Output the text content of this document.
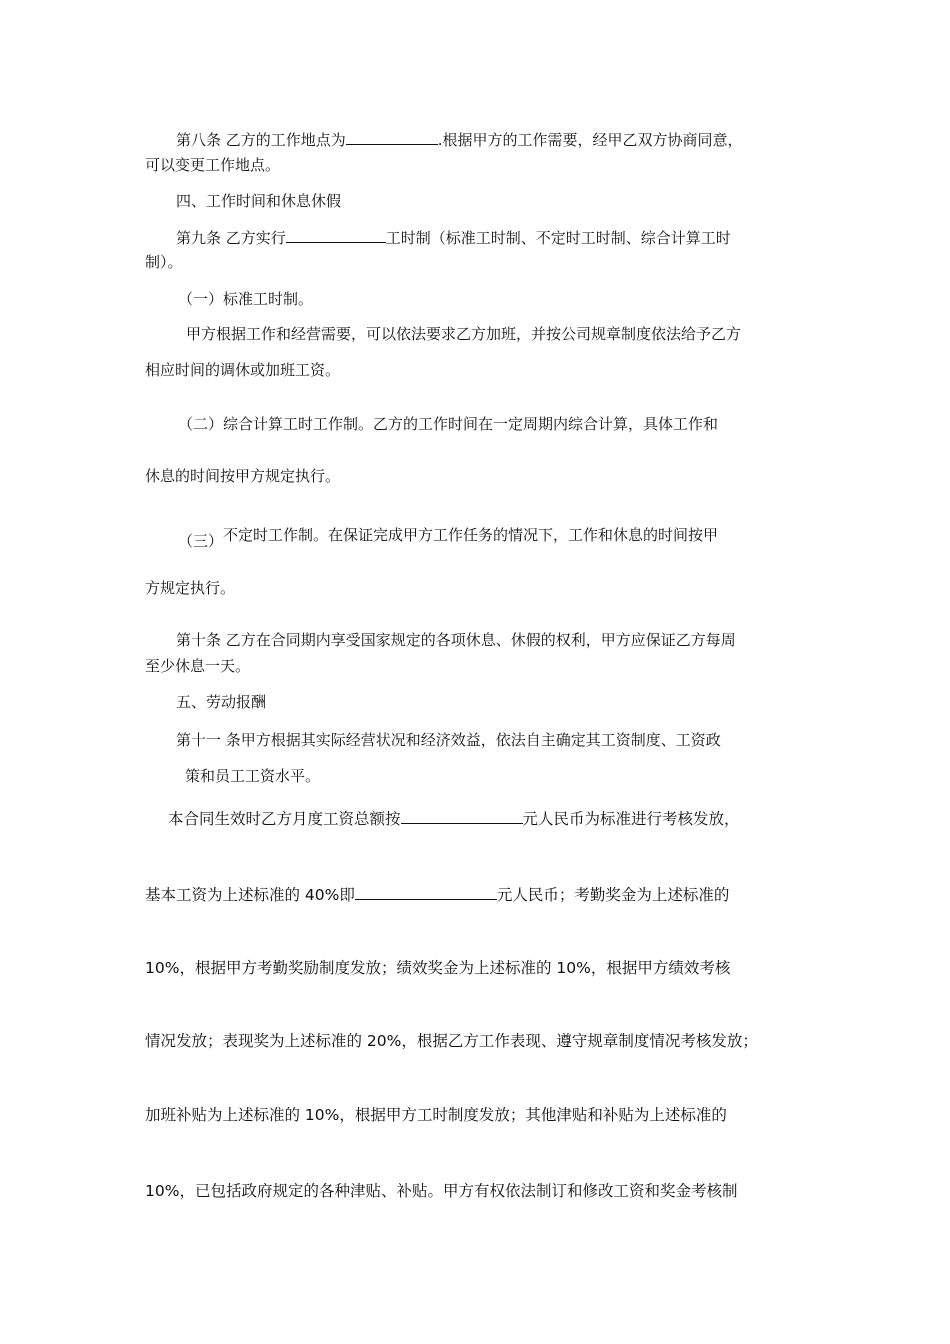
第八条 乙方的工作地点为	.根据甲方的工作需要，经甲乙双方协商同意，
可以变更工作地点。
四、工作时间和休息休假
第九条 乙方实行	工时制（标准工时制、不定时工时制、综合计算工时
制）。
（一）标准工时制。
甲方根据工作和经营需要，可以依法要求乙方加班，并按公司规章制度依法给予乙方
相应时间的调休或加班工资。
（二）综合计算工时工作制。乙方的工作时间在一定周期内综合计算，具体工作和
休息的时间按甲方规定执行。
（三）不定时工作制。在保证完成甲方工作任务的情况下，工作和休息的时间按甲
方规定执行。
第十条 乙方在合同期内享受国家规定的各项休息、休假的权利，甲方应保证乙方每周
至少休息一天。
五、劳动报酬
第十一 条甲方根据其实际经营状况和经济效益，依法自主确定其工资制度、工资政
策和员工工资水平。
本合同生效时乙方月度工资总额按	元人民币为标准进行考核发放，
基本工资为上述标准的 40%即	元人民币；考勤奖金为上述标准的
10%，根据甲方考勤奖励制度发放；绩效奖金为上述标准的 10%，根据甲方绩效考核
情况发放；表现奖为上述标准的 20%，根据乙方工作表现、遵守规章制度情况考核发放；
加班补贴为上述标准的 10%，根据甲方工时制度发放；其他津贴和补贴为上述标准的
10%，已包括政府规定的各种津贴、补贴。甲方有权依法制订和修改工资和奖金考核制
